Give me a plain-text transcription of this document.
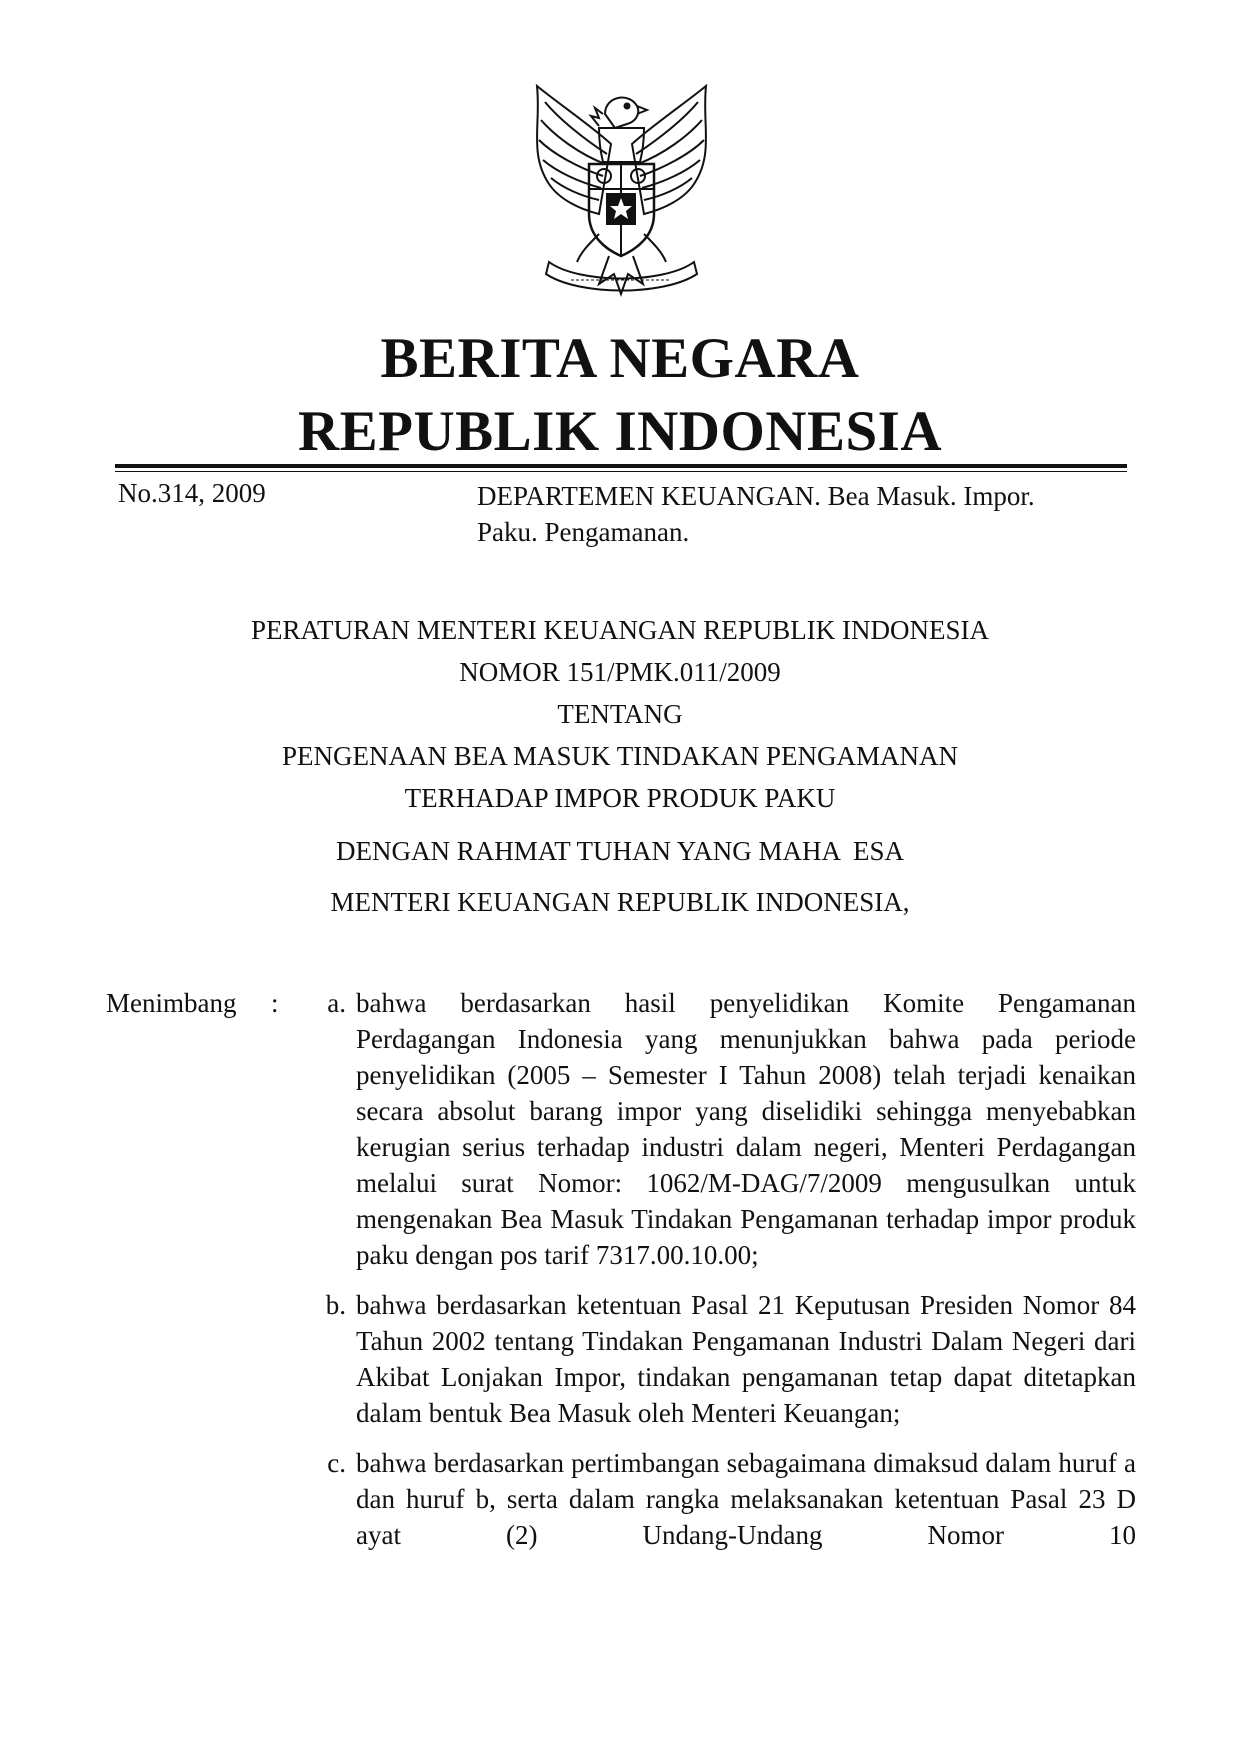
BERITA NEGARA
REPUBLIK INDONESIA
No.314, 2009	DEPARTEMEN KEUANGAN. Bea Masuk. Impor.
Paku. Pengamanan.
PERATURAN MENTERI KEUANGAN REPUBLIK INDONESIA
NOMOR 151/PMK.011/2009
TENTANG
PENGENAAN BEA MASUK TINDAKAN PENGAMANAN
TERHADAP IMPOR PRODUK PAKU
DENGAN RAHMAT TUHAN YANG MAHA  ESA
MENTERI KEUANGAN REPUBLIK INDONESIA,
Menimbang :	a. bahwa berdasarkan hasil penyelidikan Komite Pengamanan Perdagangan Indonesia yang menunjukkan bahwa pada periode penyelidikan (2005 – Semester I Tahun 2008) telah terjadi kenaikan secara absolut barang impor yang diselidiki sehingga menyebabkan kerugian serius terhadap industri dalam negeri, Menteri Perdagangan melalui surat Nomor: 1062/M-DAG/7/2009 mengusulkan untuk mengenakan Bea Masuk Tindakan Pengamanan terhadap impor produk paku dengan pos tarif 7317.00.10.00;
b. bahwa berdasarkan ketentuan Pasal 21 Keputusan Presiden Nomor 84 Tahun 2002 tentang Tindakan Pengamanan Industri Dalam Negeri dari Akibat Lonjakan Impor, tindakan pengamanan tetap dapat ditetapkan dalam bentuk Bea Masuk oleh Menteri Keuangan;
c. bahwa berdasarkan pertimbangan sebagaimana dimaksud dalam huruf a dan huruf b, serta dalam rangka melaksanakan ketentuan Pasal 23 D ayat (2) Undang-Undang Nomor 10
